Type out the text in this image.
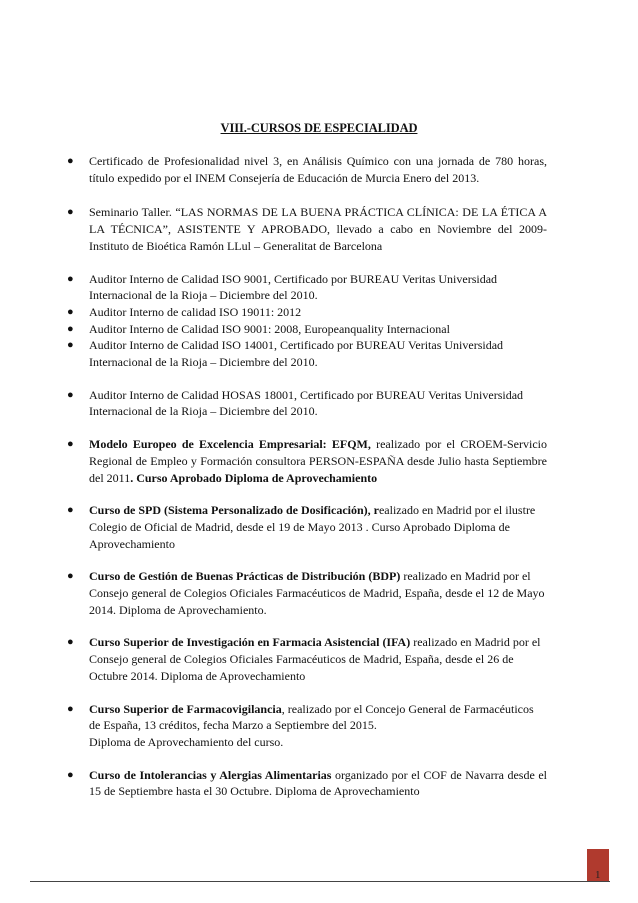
VIII.-CURSOS DE ESPECIALIDAD
● Certificado de Profesionalidad nivel 3, en Análisis Químico con una jornada de 780 horas, título expedido por el INEM Consejería de Educación de Murcia Enero del 2013.
● Seminario Taller. “LAS NORMAS DE LA BUENA PRÁCTICA CLÍNICA: DE LA ÉTICA A LA TÉCNICA”, ASISTENTE Y APROBADO, llevado a cabo en Noviembre del 2009- Instituto de Bioética Ramón LLul – Generalitat de Barcelona
● Auditor Interno de Calidad ISO 9001, Certificado por BUREAU Veritas Universidad Internacional de la Rioja – Diciembre del 2010.
● Auditor Interno de calidad ISO 19011: 2012
● Auditor Interno de Calidad ISO 9001: 2008, Europeanquality Internacional
● Auditor Interno de Calidad ISO 14001, Certificado por BUREAU Veritas Universidad Internacional de la Rioja – Diciembre del 2010.
● Auditor Interno de Calidad HOSAS 18001, Certificado por BUREAU Veritas Universidad Internacional de la Rioja – Diciembre del 2010.
● Modelo Europeo de Excelencia Empresarial: EFQM, realizado por el CROEM-Servicio Regional de Empleo y Formación consultora PERSON-ESPAÑA desde Julio hasta Septiembre del 2011. Curso Aprobado Diploma de Aprovechamiento
● Curso de SPD (Sistema Personalizado de Dosificación), realizado en Madrid por el ilustre Colegio de Oficial de Madrid, desde el 19 de Mayo 2013 . Curso Aprobado Diploma de Aprovechamiento
● Curso de Gestión de Buenas Prácticas de Distribución (BDP) realizado en Madrid por el Consejo general de Colegios Oficiales Farmacéuticos de Madrid, España, desde el 12 de Mayo 2014. Diploma de Aprovechamiento.
● Curso Superior de Investigación en Farmacia Asistencial (IFA) realizado en Madrid por el Consejo general de Colegios Oficiales Farmacéuticos de Madrid, España, desde el 26 de Octubre 2014. Diploma de Aprovechamiento
● Curso Superior de Farmacovigilancia, realizado por el Concejo General de Farmacéuticos de España, 13 créditos, fecha Marzo a Septiembre del 2015.
Diploma de Aprovechamiento del curso.
● Curso de Intolerancias y Alergias Alimentarias organizado por el COF de Navarra desde el 15 de Septiembre hasta el 30 Octubre. Diploma de Aprovechamiento
1
